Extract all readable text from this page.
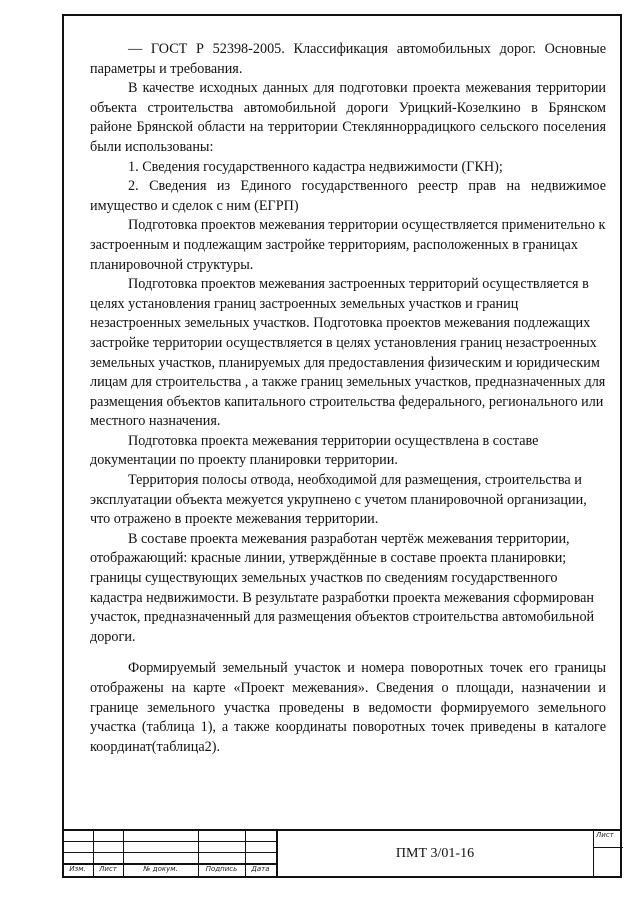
— ГОСТ Р 52398-2005. Классификация автомобильных дорог. Основные параметры и требования.

В качестве исходных данных для подготовки проекта межевания территории объекта строительства автомобильной дороги Урицкий-Козелкино в Брянском районе Брянской области на территории Стеклянноррадицкого сельского поселения были использованы:

1. Сведения государственного кадастра недвижимости (ГКН);

2. Сведения из Единого государственного реестр прав на недвижимое имущество и сделок с ним (ЕГРП)

Подготовка проектов межевания территории осуществляется применительно к застроенным и подлежащим застройке территориям, расположенных в границах планировочной структуры.

Подготовка проектов межевания застроенных территорий осуществляется в целях установления границ застроенных земельных участков и границ незастроенных земельных участков. Подготовка проектов межевания подлежащих застройке территории осуществляется в целях установления границ незастроенных земельных участков, планируемых для предоставления физическим и юридическим лицам для строительства , а также границ земельных участков, предназначенных для размещения объектов капитального строительства федерального, регионального или местного назначения.

Подготовка проекта межевания территории осуществлена в составе документации по проекту планировки территории.

Территория полосы отвода, необходимой для размещения, строительства и эксплуатации объекта межуется укрупнено с учетом планировочной организации, что отражено в проекте межевания территории.

В составе проекта межевания разработан чертёж межевания территории, отображающий: красные линии, утверждённые в составе проекта планировки; границы существующих земельных участков по сведениям государственного кадастра недвижимости. В результате разработки проекта межевания сформирован участок, предназначенный для размещения объектов строительства автомобильной дороги.

Формируемый земельный участок и номера поворотных точек его границы отображены на карте «Проект межевания». Сведения о площади, назначении и границе земельного участка проведены в ведомости формируемого земельного участка (таблица 1), а также координаты поворотных точек приведены в каталоге координат(таблица2).

Изм.	Лист	№ докум.	Подпись	Дата
ПМТ 3/01-16
Лист
